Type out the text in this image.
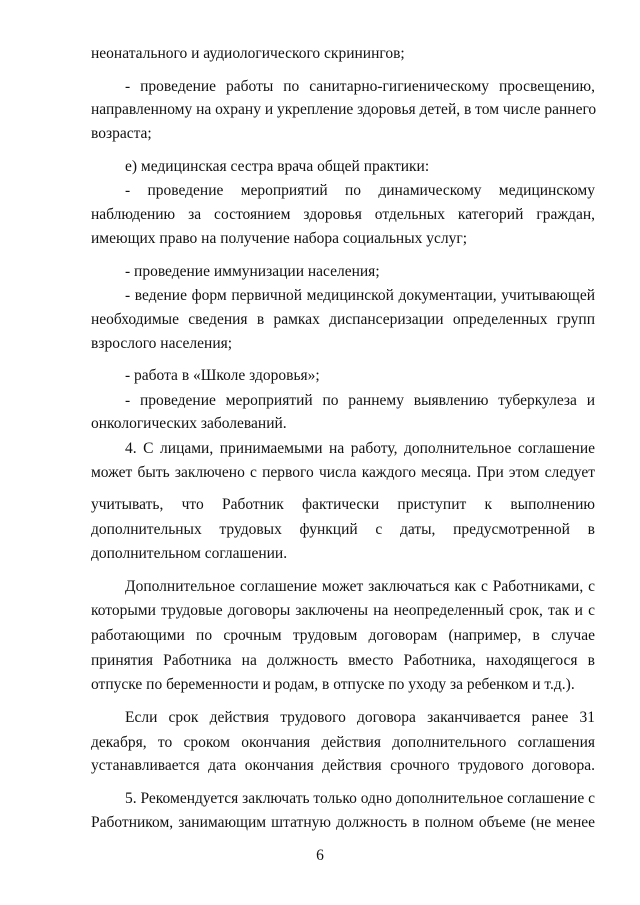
неонатального и аудиологического скринингов;
- проведение работы по санитарно-гигиеническому просвещению,
направленному на охрану и укрепление здоровья детей, в том числе раннего
возраста;
е) медицинская сестра врача общей практики:
- проведение мероприятий по динамическому медицинскому
наблюдению за состоянием здоровья отдельных категорий граждан,
имеющих право на получение набора социальных услуг;
- проведение иммунизации населения;
- ведение форм первичной медицинской документации, учитывающей
необходимые сведения в рамках диспансеризации определенных групп
взрослого населения;
- работа в «Школе здоровья»;
- проведение мероприятий по раннему выявлению туберкулеза и
онкологических заболеваний.
4. С лицами, принимаемыми на работу, дополнительное соглашение
может быть заключено с первого числа каждого месяца. При этом следует
учитывать, что Работник фактически приступит к выполнению
дополнительных трудовых функций с даты, предусмотренной в
дополнительном соглашении.
Дополнительное соглашение может заключаться как с Работниками, с
которыми трудовые договоры заключены на неопределенный срок, так и с
работающими по срочным трудовым договорам (например, в случае
принятия Работника на должность вместо Работника, находящегося в
отпуске по беременности и родам, в отпуске по уходу за ребенком и т.д.).
Если срок действия трудового договора заканчивается ранее 31
декабря, то сроком окончания действия дополнительного соглашения
устанавливается дата окончания действия срочного трудового договора.
5. Рекомендуется заключать только одно дополнительное соглашение с
Работником, занимающим штатную должность в полном объеме (не менее
6
